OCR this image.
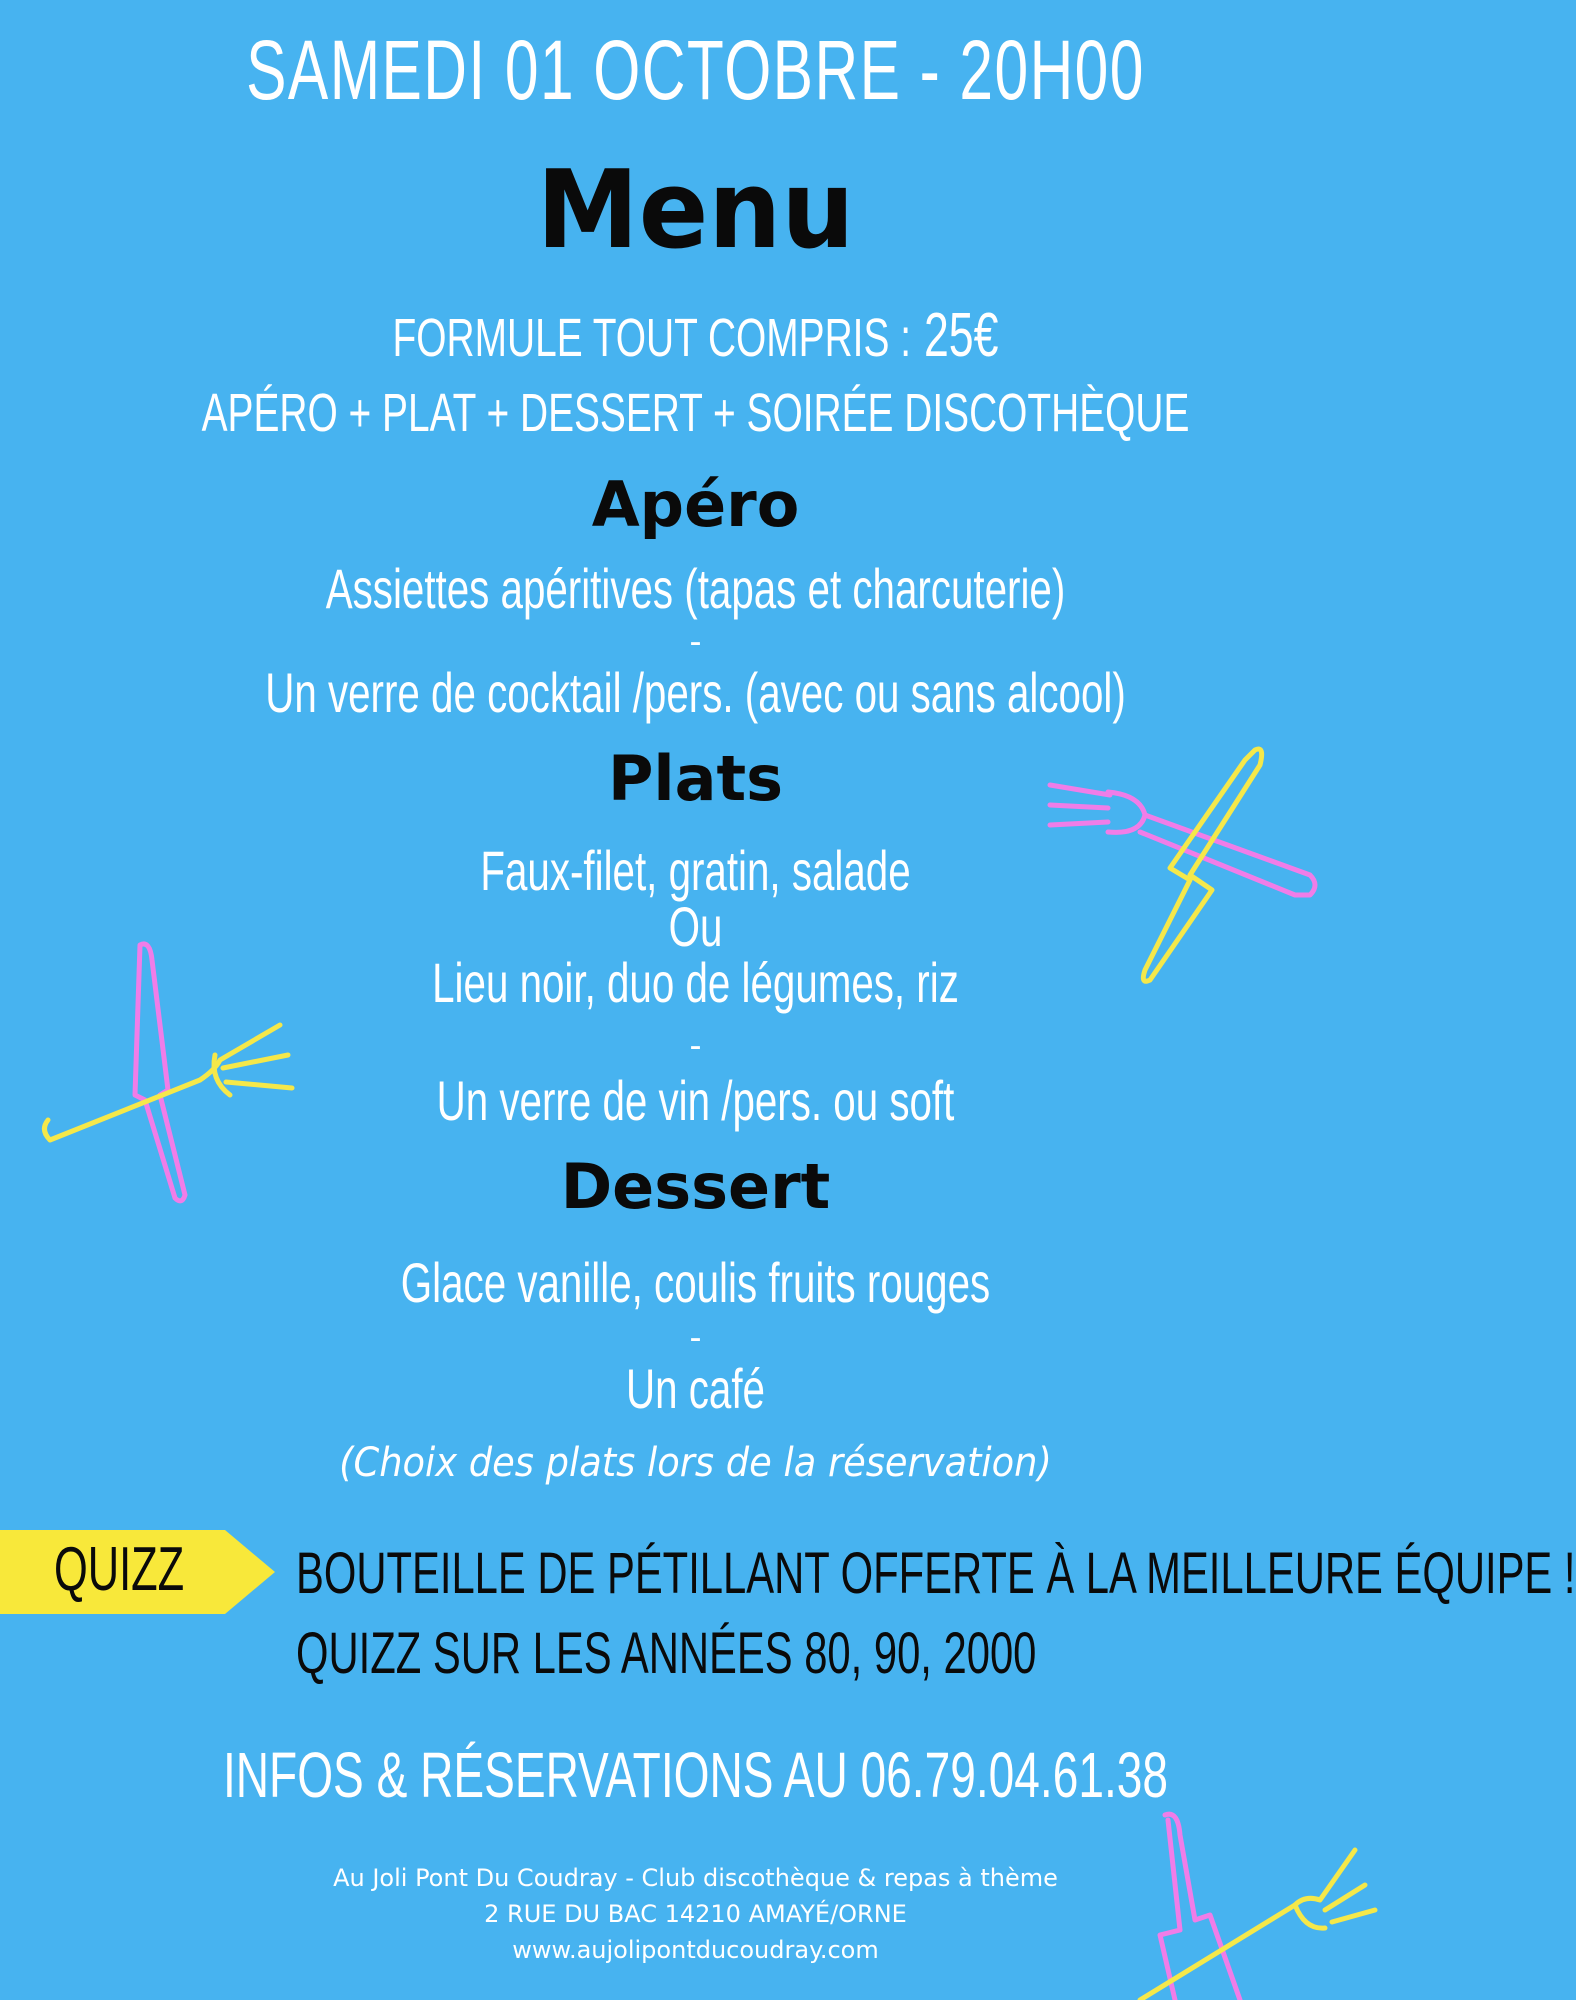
SAMEDI 01 OCTOBRE - 20H00
Menu
FORMULE TOUT COMPRIS : 25€
APÉRO + PLAT + DESSERT + SOIRÉE DISCOTHÈQUE
Apéro
Assiettes apéritives (tapas et charcuterie)
-
Un verre de cocktail /pers. (avec ou sans alcool)
Plats
Faux-filet, gratin, salade
Ou
Lieu noir, duo de légumes, riz
-
Un verre de vin /pers. ou soft
Dessert
Glace vanille, coulis fruits rouges
-
Un café
(Choix des plats lors de la réservation)
QUIZZ BOUTEILLE DE PÉTILLANT OFFERTE À LA MEILLEURE ÉQUIPE !
QUIZZ SUR LES ANNÉES 80, 90, 2000
INFOS & RÉSERVATIONS AU 06.79.04.61.38
Au Joli Pont Du Coudray - Club discothèque & repas à thème
2 RUE DU BAC 14210 AMAYÉ/ORNE
www.aujolipontducoudray.com
